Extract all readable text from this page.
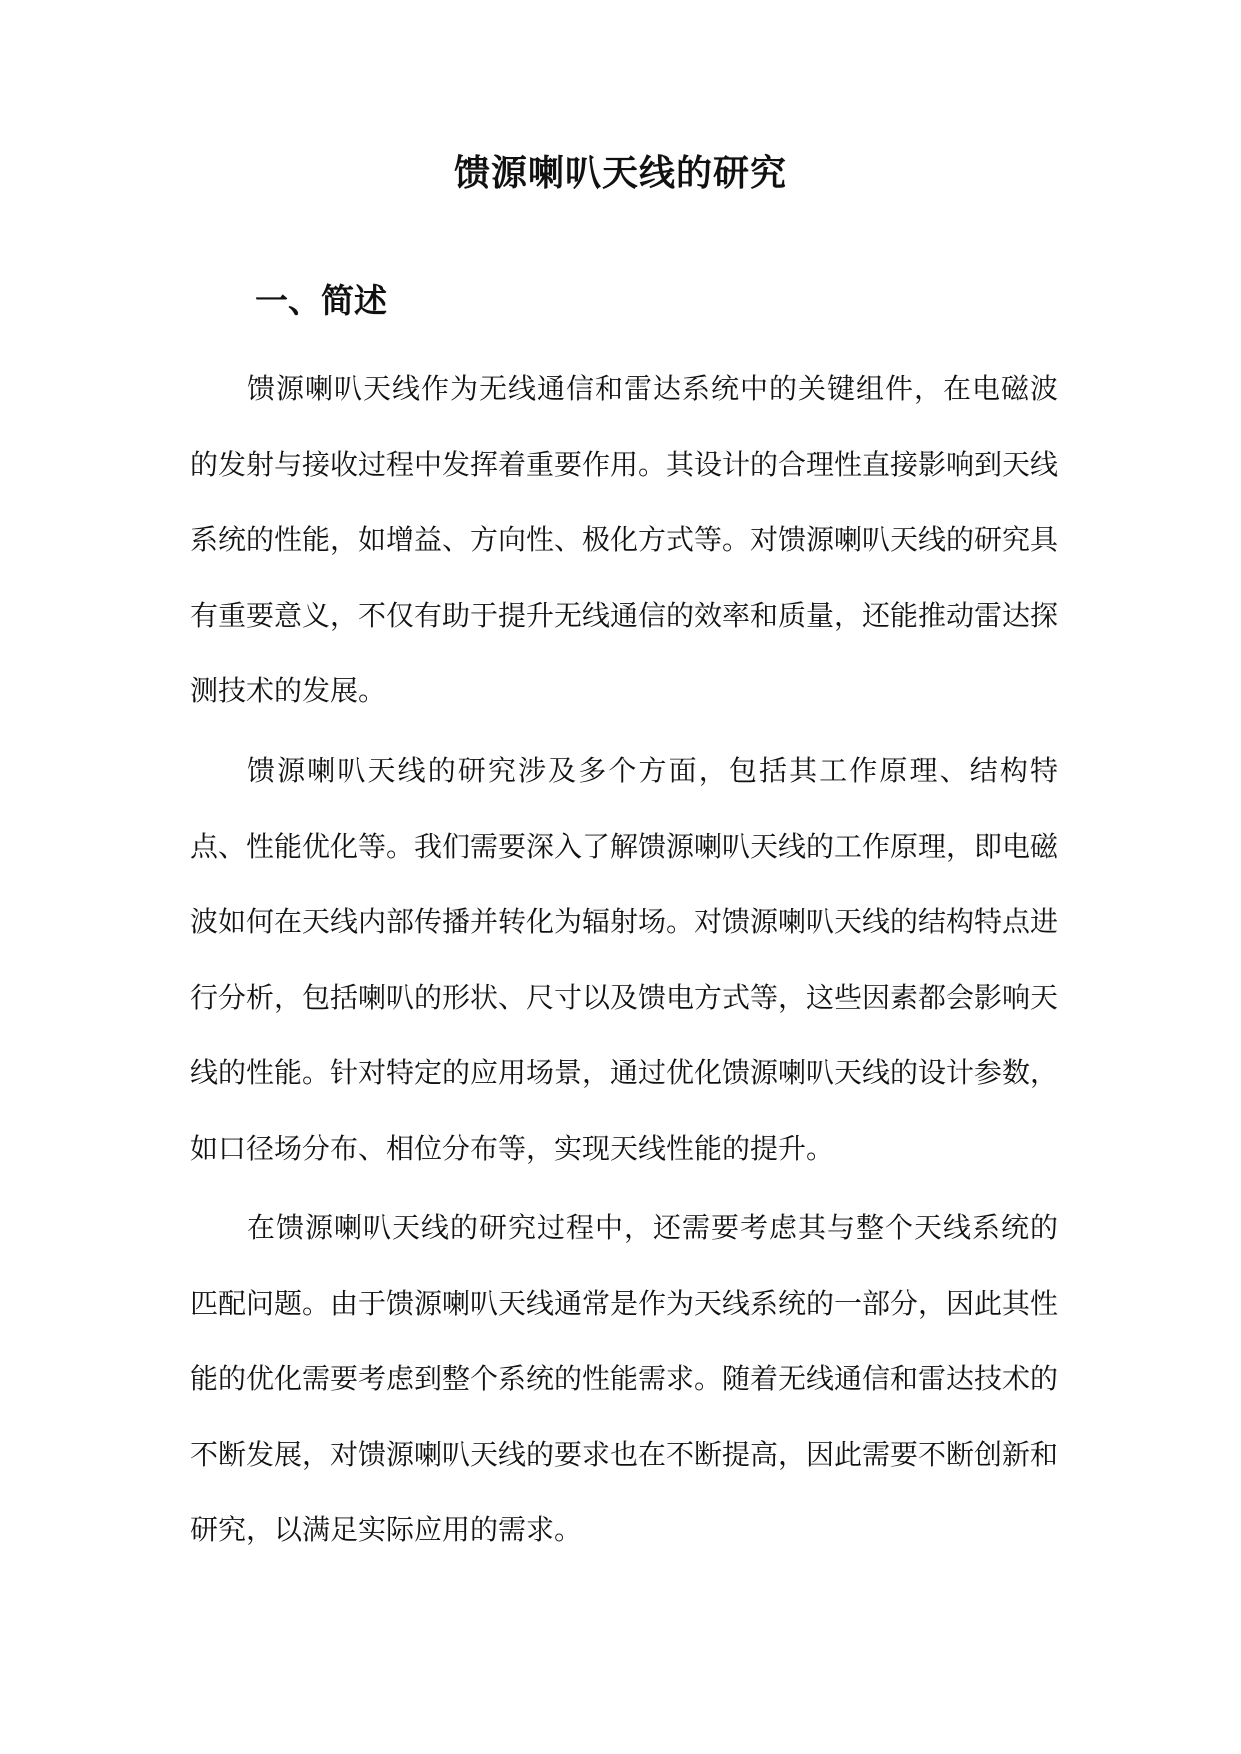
馈源喇叭天线的研究
一、简述

馈源喇叭天线作为无线通信和雷达系统中的关键组件，在电磁波的发射与接收过程中发挥着重要作用。其设计的合理性直接影响到天线系统的性能，如增益、方向性、极化方式等。对馈源喇叭天线的研究具有重要意义，不仅有助于提升无线通信的效率和质量，还能推动雷达探测技术的发展。

馈源喇叭天线的研究涉及多个方面，包括其工作原理、结构特点、性能优化等。我们需要深入了解馈源喇叭天线的工作原理，即电磁波如何在天线内部传播并转化为辐射场。对馈源喇叭天线的结构特点进行分析，包括喇叭的形状、尺寸以及馈电方式等，这些因素都会影响天线的性能。针对特定的应用场景，通过优化馈源喇叭天线的设计参数，如口径场分布、相位分布等，实现天线性能的提升。

在馈源喇叭天线的研究过程中，还需要考虑其与整个天线系统的匹配问题。由于馈源喇叭天线通常是作为天线系统的一部分，因此其性能的优化需要考虑到整个系统的性能需求。随着无线通信和雷达技术的不断发展，对馈源喇叭天线的要求也在不断提高，因此需要不断创新和研究，以满足实际应用的需求。
